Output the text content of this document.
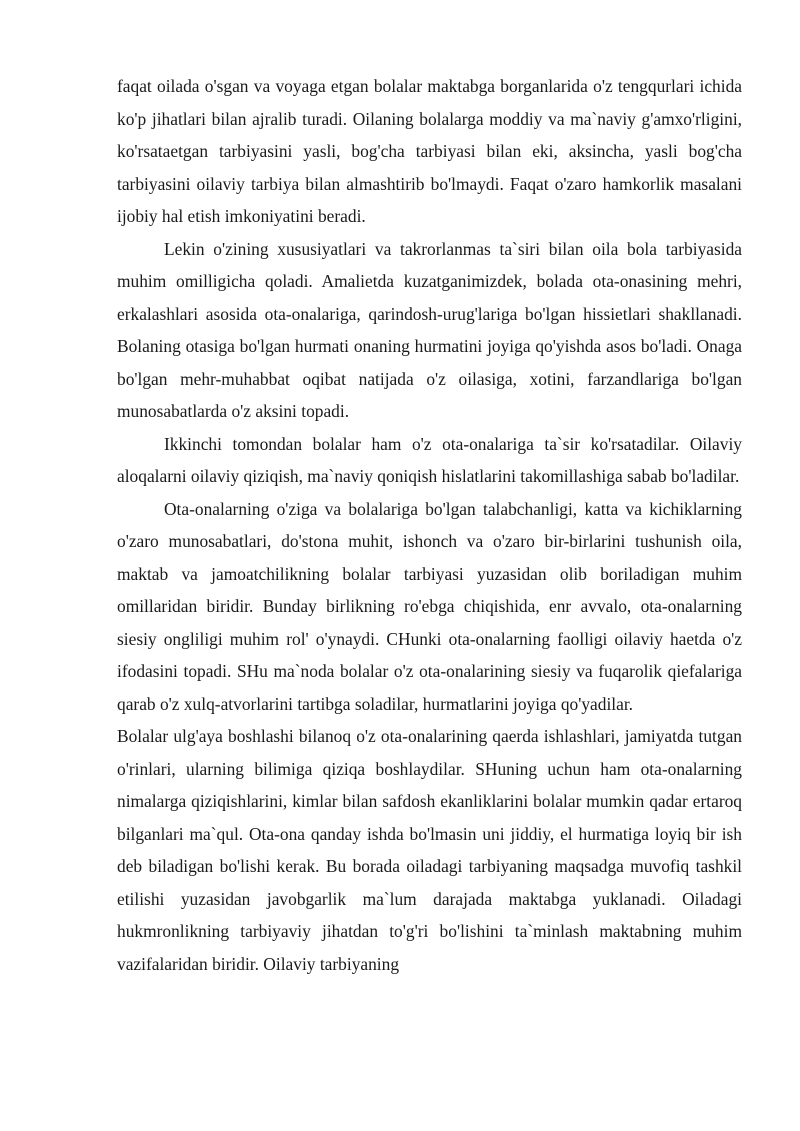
faqat oilada o'sgan va voyaga etgan bolalar maktabga borganlarida o'z tengqurlari ichida ko'p jihatlari bilan ajralib turadi. Oilaning bolalarga moddiy va ma`naviy g'amxo'rligini, ko'rsataetgan tarbiyasini yasli, bog'cha tarbiyasi bilan eki, aksincha, yasli bog'cha tarbiyasini oilaviy tarbiya bilan almashtirib bo'lmaydi. Faqat o'zaro hamkorlik masalani ijobiy hal etish imkoniyatini beradi.

Lekin o'zining xususiyatlari va takrorlanmas ta`siri bilan oila bola tarbiyasida muhim omilligicha qoladi. Amalietda kuzatganimizdek, bolada ota-onasining mehri, erkalashlari asosida ota-onalariga, qarindosh-urug'lariga bo'lgan hissietlari shakllanadi. Bolaning otasiga bo'lgan hurmati onaning hurmatini joyiga qo'yishda asos bo'ladi. Onaga bo'lgan mehr-muhabbat oqibat natijada o'z oilasiga, xotini, farzandlariga bo'lgan munosabatlarda o'z aksini topadi.

Ikkinchi tomondan bolalar ham o'z ota-onalariga ta`sir ko'rsatadilar. Oilaviy aloqalarni oilaviy qiziqish, ma`naviy qoniqish hislatlarini takomillashiga sabab bo'ladilar.

Ota-onalarning o'ziga va bolalariga bo'lgan talabchanligi, katta va kichiklarning o'zaro munosabatlari, do'stona muhit, ishonch va o'zaro bir-birlarini tushunish oila, maktab va jamoatchilikning bolalar tarbiyasi yuzasidan olib boriladigan muhim omillaridan biridir. Bunday birlikning ro'ebga chiqishida, enr avvalo, ota-onalarning siesiy ongliligi muhim rol' o'ynaydi. CHunki ota-onalarning faolligi oilaviy haetda o'z ifodasini topadi. SHu ma`noda bolalar o'z ota-onalarining siesiy va fuqarolik qiefalariga qarab o'z xulq-atvorlarini tartibga soladilar, hurmatlarini joyiga qo'yadilar.

Bolalar ulg'aya boshlashi bilanoq o'z ota-onalarining qaerda ishlashlari, jamiyatda tutgan o'rinlari, ularning bilimiga qiziqa boshlaydilar. SHuning uchun ham ota-onalarning nimalarga qiziqishlarini, kimlar bilan safdosh ekanliklarini bolalar mumkin qadar ertaroq bilganlari ma`qul. Ota-ona qanday ishda bo'lmasin uni jiddiy, el hurmatiga loyiq bir ish deb biladigan bo'lishi kerak. Bu borada oiladagi tarbiyaning maqsadga muvofiq tashkil etilishi yuzasidan javobgarlik ma`lum darajada maktabga yuklanadi. Oiladagi hukmronlikning tarbiyaviy jihatdan to'g'ri bo'lishini ta`minlash maktabning muhim vazifalaridan biridir. Oilaviy tarbiyaning
